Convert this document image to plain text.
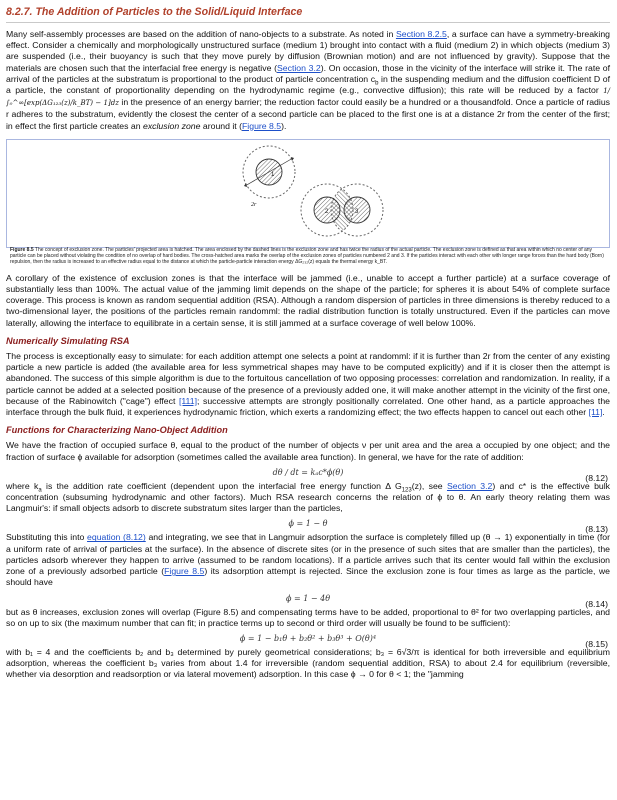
8.2.7. The Addition of Particles to the Solid/Liquid Interface

Many self-assembly processes are based on the addition of nano-objects to a substrate. As noted in Section 8.2.5, a surface can have a symmetry-breaking effect. Consider a chemically and morphologically unstructured surface (medium 1) brought into contact with a fluid (medium 2) in which objects (medium 3) are suspended (i.e., their buoyancy is such that they move purely by diffusion (Brownian motion) and are not influenced by gravity). Suppose that the materials are chosen such that the interfacial free energy is negative (Section 3.2). On occasion, those in the vicinity of the interface will strike it. The rate of arrival of the particles at the substratum is proportional to the product of particle concentration $c_b$ in the suspending medium and the diffusion coefficient D of a particle, the constant of proportionality depending on the hydrodynamic regime (e.g., convective diffusion); this rate will be reduced by a factor 1/∫₀^∞[exp(ΔG₁₂₃(z)/k_BT) − 1]dz in the presence of an energy barrier; the reduction factor could easily be a hundred or a thousandfold. Once a particle of radius r adheres to the substratum, evidently the closest the center of a second particle can be placed to the first one is at a distance 2r from the center of the first; in effect the first particle creates an exclusion zone around it (Figure 8.5).

1
2r
2	3
Figure 8.5 The concept of exclusion zone. The particles' projected area is hatched. The area enclosed by the dashed lines is the exclusion zone and has twice the radius of the actual particle. The exclusion zone is defined as that area within which no center of any particle can be placed without violating the condition of no overlap of hard bodies. The cross-hatched area marks the overlap of the exclusion zones of particles numbered 2 and 3. If the particles interact with each other with longer range forces than the hard body (Born) repulsion, then the radius is increased to an effective radius equal to the distance at which the particle-particle interaction energy ΔG₂₃₂(z) equals the thermal energy k_BT.

A corollary of the existence of exclusion zones is that the interface will be jammed (i.e., unable to accept a further particle) at a surface coverage of substantially less than 100%. The actual value of the jamming limit depends on the shape of the particle; for spheres it is about 54% of complete surface coverage. This process is known as random sequential addition (RSA). Although a random dispersion of particles in three dimensions is thereby reduced to a two-dimensional layer, the positions of the particles remain randomml: the radial distribution function is totally unstructured. Even if the particles can move laterally, allowing the interface to equilibrate in a certain sense, it is still jammed at a surface coverage of well below 100%.

Numerically Simulating RSA

The process is exceptionally easy to simulate: for each addition attempt one selects a point at randomml: if it is further than 2r from the center of any existing particle a new particle is added (the available area for less symmetrical shapes may have to be computed explicitly) and if it is closer then the attempt is abandoned. The success of this simple algorithm is due to the fortuitous cancellation of two opposing processes: correlation and randomization. In reality, if a particle cannot be added at a selected position because of the presence of a previously added one, it will make another attempt in the vicinity of the first one, because of the Rabinowitch ("cage") effect [111]; successive attempts are strongly positionally correlated. One other hand, as a particle approaches the interface through the bulk fluid, it experiences hydrodynamic friction, which exerts a randomizing effect; the two effects happen to cancel out each other [11].

Functions for Characterizing Nano-Object Addition

We have the fraction of occupied surface θ, equal to the product of the number of objects ν per unit area and the area a occupied by one object; and the fraction of surface ϕ available for adsorption (sometimes called the available area function). In general, we have for the rate of addition:

dθ / dt = kₐc*ϕ(θ)
(8.12)

where $k_a$ is the addition rate coefficient (dependent upon the interfacial free energy function Δ $G_{123}(z)$, see Section 3.2) and c* is the effective bulk concentration (subsuming hydrodynamic and other factors). Much RSA research concerns the relation of ϕ to θ. An early theory relating them was Langmuir's: if small objects adsorb to discrete substratum sites larger than the particles,

ϕ = 1 − θ
(8.13)

Substituting this into equation (8.12) and integrating, we see that in Langmuir adsorption the surface is completely filled up (θ → 1) exponentially in time (for a uniform rate of arrival of particles at the surface). In the absence of discrete sites (or in the presence of such sites that are smaller than the particles), the particles adsorb wherever they happen to arrive (assumed to be random locations). If a particle arrives such that its center would fall within the exclusion zone of a previously adsorbed particle (Figure 8.5) its adsorption attempt is rejected. Since the exclusion zone is four times as large as the particle, we should have

ϕ = 1 − 4θ
(8.14)

but as θ increases, exclusion zones will overlap (Figure 8.5) and compensating terms have to be added, proportional to θ² for two overlapping particles, and so on up to six (the maximum number that can fit; in practice terms up to second or third order will usually be found to be sufficient):

ϕ = 1 − b₁θ + b₂θ² + b₃θ³ + O(θ)⁴
(8.15)

with b₁ = 4 and the coefficients b₂ and b₃ determined by purely geometrical considerations; b₃ = 6√3/π is identical for both irreversible and equilibrium adsorption, whereas the coefficient b₃ varies from about 1.4 for irreversible (random sequential addition, RSA) to about 2.4 for equilibrium (reversible, whether via desorption and readsorption or via lateral movement) adsorption. In this case ϕ → 0 for θ < 1; the "jamming
